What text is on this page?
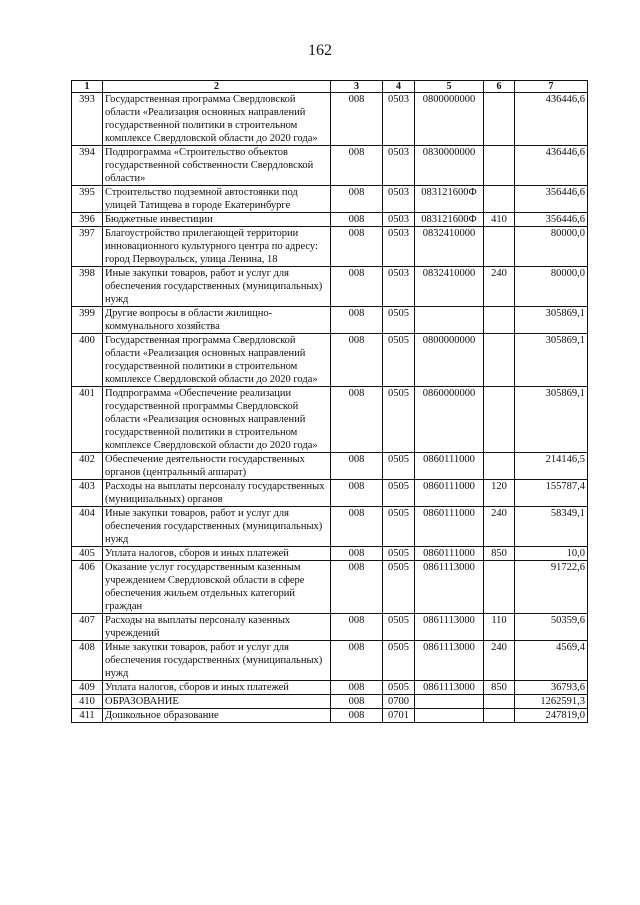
162
1	2	3	4	5	6	7
393	Государственная программа Свердловской области «Реализация основных направлений государственной политики в строительном комплексе Свердловской области до 2020 года»	008	0503	0800000000		436446,6
394	Подпрограмма «Строительство объектов государственной собственности Свердловской области»	008	0503	0830000000		436446,6
395	Строительство подземной автостоянки под улицей Татищева в городе Екатеринбурге	008	0503	083121600Ф		356446,6
396	Бюджетные инвестиции	008	0503	083121600Ф	410	356446,6
397	Благоустройство прилегающей территории инновационного культурного центра по адресу: город Первоуральск, улица Ленина, 18	008	0503	0832410000		80000,0
398	Иные закупки товаров, работ и услуг для обеспечения государственных (муниципальных) нужд	008	0503	0832410000	240	80000,0
399	Другие вопросы в области жилищно-коммунального хозяйства	008	0505			305869,1
400	Государственная программа Свердловской области «Реализация основных направлений государственной политики в строительном комплексе Свердловской области до 2020 года»	008	0505	0800000000		305869,1
401	Подпрограмма «Обеспечение реализации государственной программы Свердловской области «Реализация основных направлений государственной политики в строительном комплексе Свердловской области до 2020 года»	008	0505	0860000000		305869,1
402	Обеспечение деятельности государственных органов (центральный аппарат)	008	0505	0860111000		214146,5
403	Расходы на выплаты персоналу государственных (муниципальных) органов	008	0505	0860111000	120	155787,4
404	Иные закупки товаров, работ и услуг для обеспечения государственных (муниципальных) нужд	008	0505	0860111000	240	58349,1
405	Уплата налогов, сборов и иных платежей	008	0505	0860111000	850	10,0
406	Оказание услуг государственным казенным учреждением Свердловской области в сфере обеспечения жильем отдельных категорий граждан	008	0505	0861113000		91722,6
407	Расходы на выплаты персоналу казенных учреждений	008	0505	0861113000	110	50359,6
408	Иные закупки товаров, работ и услуг для обеспечения государственных (муниципальных) нужд	008	0505	0861113000	240	4569,4
409	Уплата налогов, сборов и иных платежей	008	0505	0861113000	850	36793,6
410	ОБРАЗОВАНИЕ	008	0700			1262591,3
411	Дошкольное образование	008	0701			247819,0
